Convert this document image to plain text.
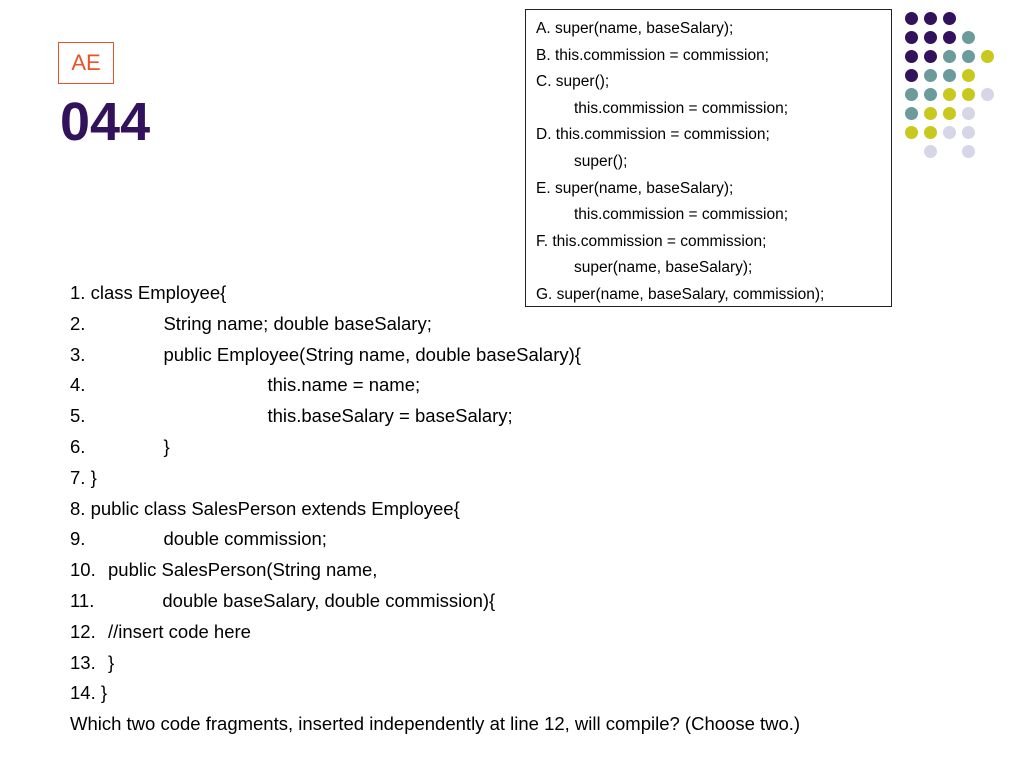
AE
044
A. super(name, baseSalary);
B. this.commission = commission;
C. super();
this.commission = commission;
D. this.commission = commission;
super();
E. super(name, baseSalary);
this.commission = commission;
F. this.commission = commission;
super(name, baseSalary);
G. super(name, baseSalary, commission);
1. class Employee{
2.	String name; double baseSalary;
3.	public Employee(String name, double baseSalary){
4.	this.name = name;
5.	this.baseSalary = baseSalary;
6.	}
7. }
8. public class SalesPerson extends Employee{
9.	double commission;
10. public SalesPerson(String name,
11.	double baseSalary, double commission){
12. //insert code here
13. }
14. }
Which two code fragments, inserted independently at line 12, will compile? (Choose two.)
